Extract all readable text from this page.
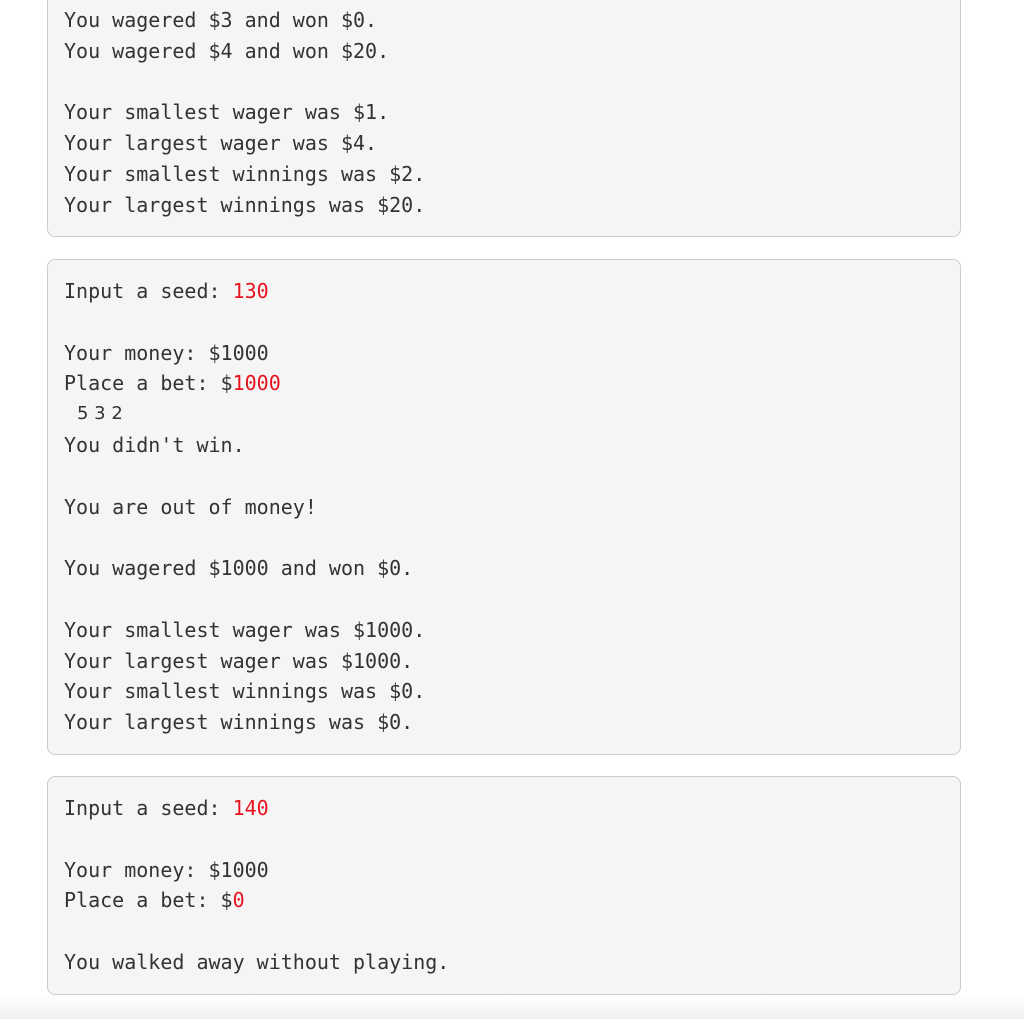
You wagered $3 and won $0.
You wagered $4 and won $20.
Your smallest wager was $1.
Your largest wager was $4.
Your smallest winnings was $2.
Your largest winnings was $20.
Input a seed: 130
Your money: $1000
Place a bet: $1000
5 3 2
You didn't win.
You are out of money!
You wagered $1000 and won $0.
Your smallest wager was $1000.
Your largest wager was $1000.
Your smallest winnings was $0.
Your largest winnings was $0.
Input a seed: 140
Your money: $1000
Place a bet: $0
You walked away without playing.
